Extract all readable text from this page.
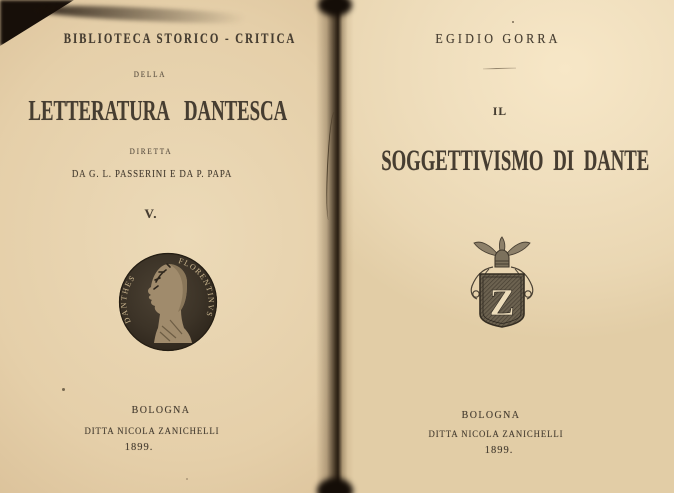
BIBLIOTECA STORICO - CRITICA
DELLA
LETTERATURA DANTESCA
DIRETTA
DA G. L. PASSERINI E DA P. PAPA
V.
DANTHES
FLORENTINVS
BOLOGNA
DITTA NICOLA ZANICHELLI
1899.
EGIDIO GORRA
IL
SOGGETTIVISMO DI DANTE
Z
BOLOGNA
DITTA NICOLA ZANICHELLI
1899.
